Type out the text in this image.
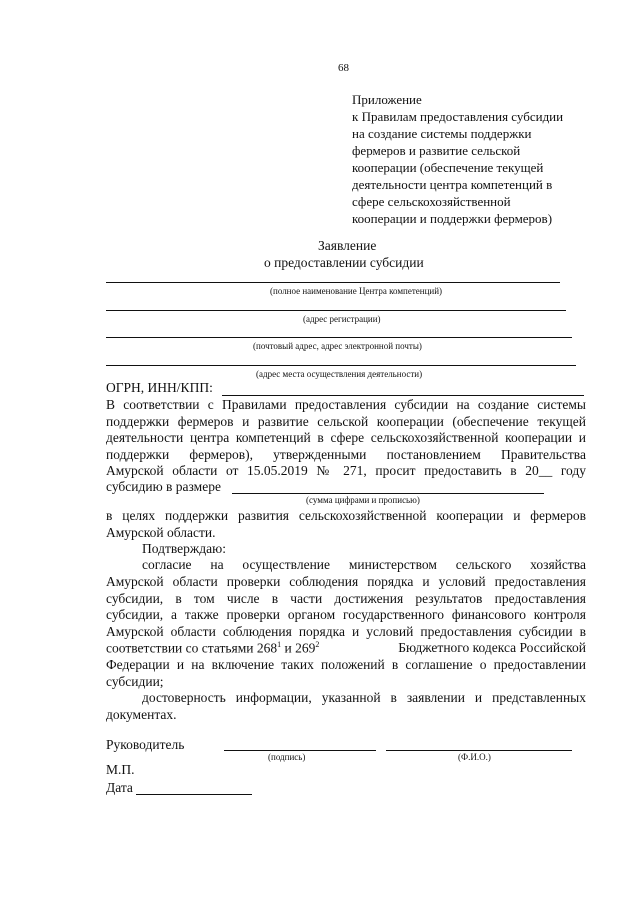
68
Приложение
к Правилам предоставления субсидии
на создание системы поддержки
фермеров и развитие сельской
кооперации (обеспечение текущей
деятельности центра компетенций в
сфере сельскохозяйственной
кооперации и поддержки фермеров)
Заявление
о предоставлении субсидии
(полное наименование Центра компетенций)
(адрес регистрации)
(почтовый адрес, адрес электронной почты)
(адрес места осуществления деятельности)
ОГРН, ИНН/КПП:
В соответствии с Правилами предоставления субсидии на создание системы
поддержки фермеров и развитие сельской кооперации (обеспечение текущей
деятельности центра компетенций в сфере сельскохозяйственной кооперации и
поддержки фермеров), утвержденными постановлением Правительства
Амурской области от 15.05.2019 № 271, просит предоставить в 20__ году
субсидию в размере
(сумма цифрами и прописью)
в целях поддержки развития сельскохозяйственной кооперации и фермеров
Амурской области.
Подтверждаю:
согласие на осуществление министерством сельского хозяйства
Амурской области проверки соблюдения порядка и условий предоставления
субсидии, в том числе в части достижения результатов предоставления
субсидии, а также проверки органом государственного финансового контроля
Амурской области соблюдения порядка и условий предоставления субсидии в
соответствии со статьями $268^1$ и $269^2$	Бюджетного кодекса Российской
Федерации и на включение таких положений в соглашение о предоставлении
субсидии;
достоверность информации, указанной в заявлении и представленных
документах.
Руководитель
(подпись)	(Ф.И.О.)
М.П.
Дата
